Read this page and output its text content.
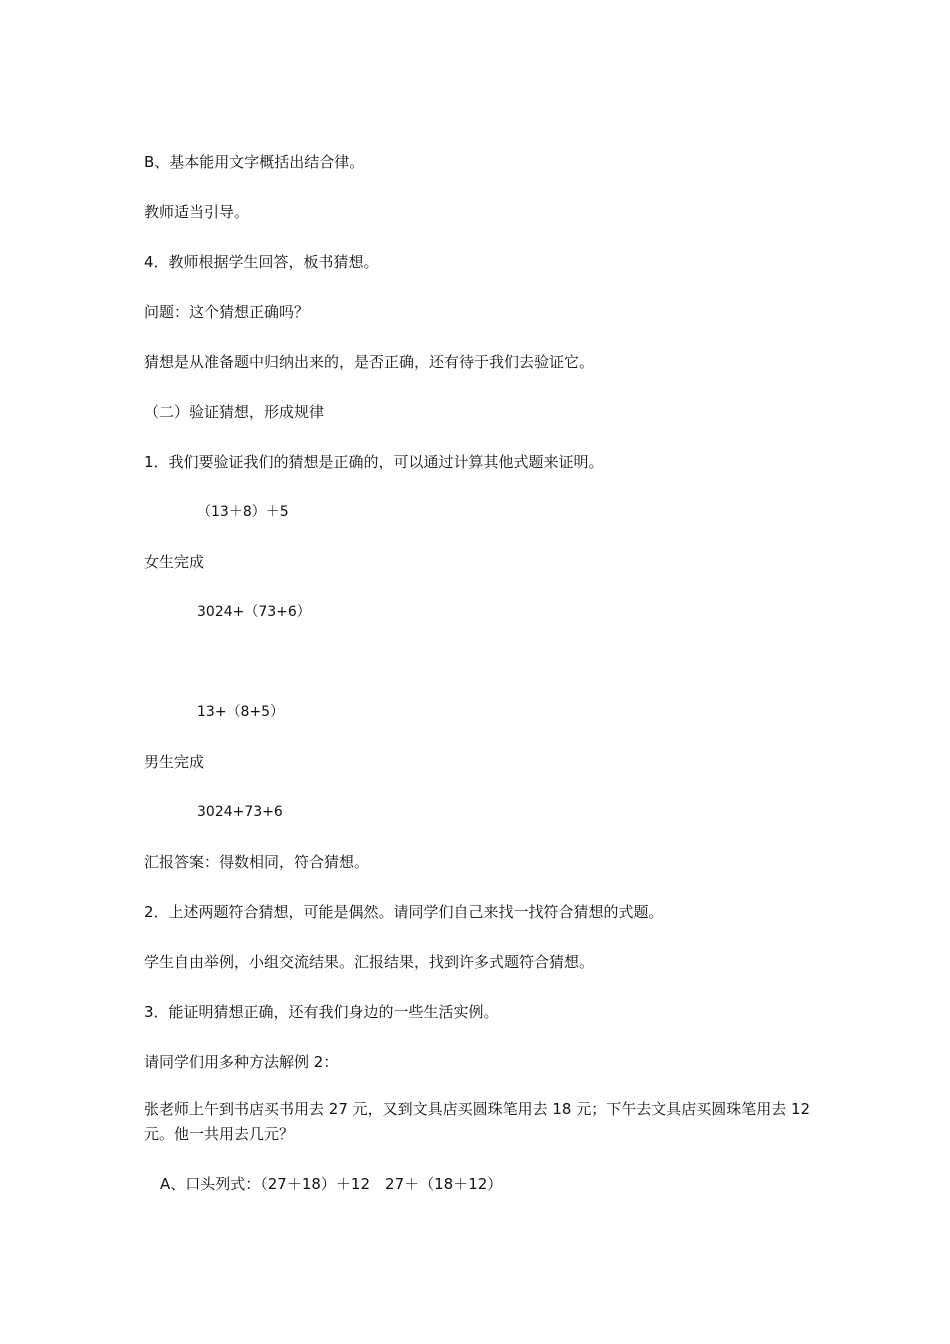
B、基本能用文字概括出结合律。
教师适当引导。
4．教师根据学生回答，板书猜想。
问题：这个猜想正确吗？
猜想是从准备题中归纳出来的，是否正确，还有待于我们去验证它。
（二）验证猜想，形成规律
1．我们要验证我们的猜想是正确的，可以通过计算其他式题来证明。
（13＋8）＋5
女生完成
3024+（73+6）
13+（8+5）
男生完成
3024+73+6
汇报答案：得数相同，符合猜想。
2．上述两题符合猜想，可能是偶然。请同学们自己来找一找符合猜想的式题。
学生自由举例，小组交流结果。汇报结果，找到许多式题符合猜想。
3．能证明猜想正确，还有我们身边的一些生活实例。
请同学们用多种方法解例 2：
张老师上午到书店买书用去 27 元，又到文具店买圆珠笔用去 18 元；下午去文具店买圆珠笔用去 12 元。他一共用去几元？
A、口头列式：（27＋18）＋12　27＋（18＋12）
